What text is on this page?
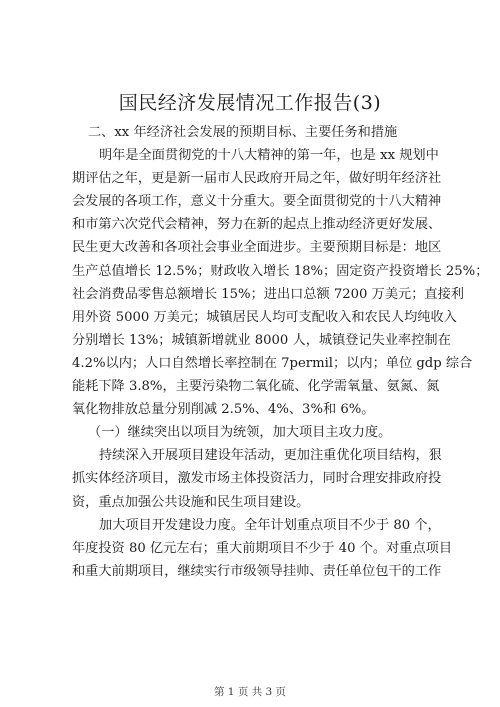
国民经济发展情况工作报告(3)
二、xx 年经济社会发展的预期目标、主要任务和措施
明年是全面贯彻党的十八大精神的第一年，也是 xx 规划中
期评估之年，更是新一届市人民政府开局之年，做好明年经济社
会发展的各项工作，意义十分重大。要全面贯彻党的十八大精神
和市第六次党代会精神，努力在新的起点上推动经济更好发展、
民生更大改善和各项社会事业全面进步。主要预期目标是：地区
生产总值增长 12.5%；财政收入增长 18%；固定资产投资增长 25%；
社会消费品零售总额增长 15%；进出口总额 7200 万美元；直接利
用外资 5000 万美元；城镇居民人均可支配收入和农民人均纯收入
分别增长 13%；城镇新增就业 8000 人，城镇登记失业率控制在
4.2%以内；人口自然增长率控制在 7permil；以内；单位 gdp 综合
能耗下降 3.8%，主要污染物二氧化硫、化学需氧量、氨氮、氮
氧化物排放总量分别削减 2.5%、4%、3%和 6%。
（一）继续突出以项目为统领，加大项目主攻力度。
持续深入开展项目建设年活动，更加注重优化项目结构，狠
抓实体经济项目，激发市场主体投资活力，同时合理安排政府投
资，重点加强公共设施和民生项目建设。
加大项目开发建设力度。全年计划重点项目不少于 80 个，
年度投资 80 亿元左右；重大前期项目不少于 40 个。对重点项目
和重大前期项目，继续实行市级领导挂帅、责任单位包干的工作
第 1 页 共 3 页
